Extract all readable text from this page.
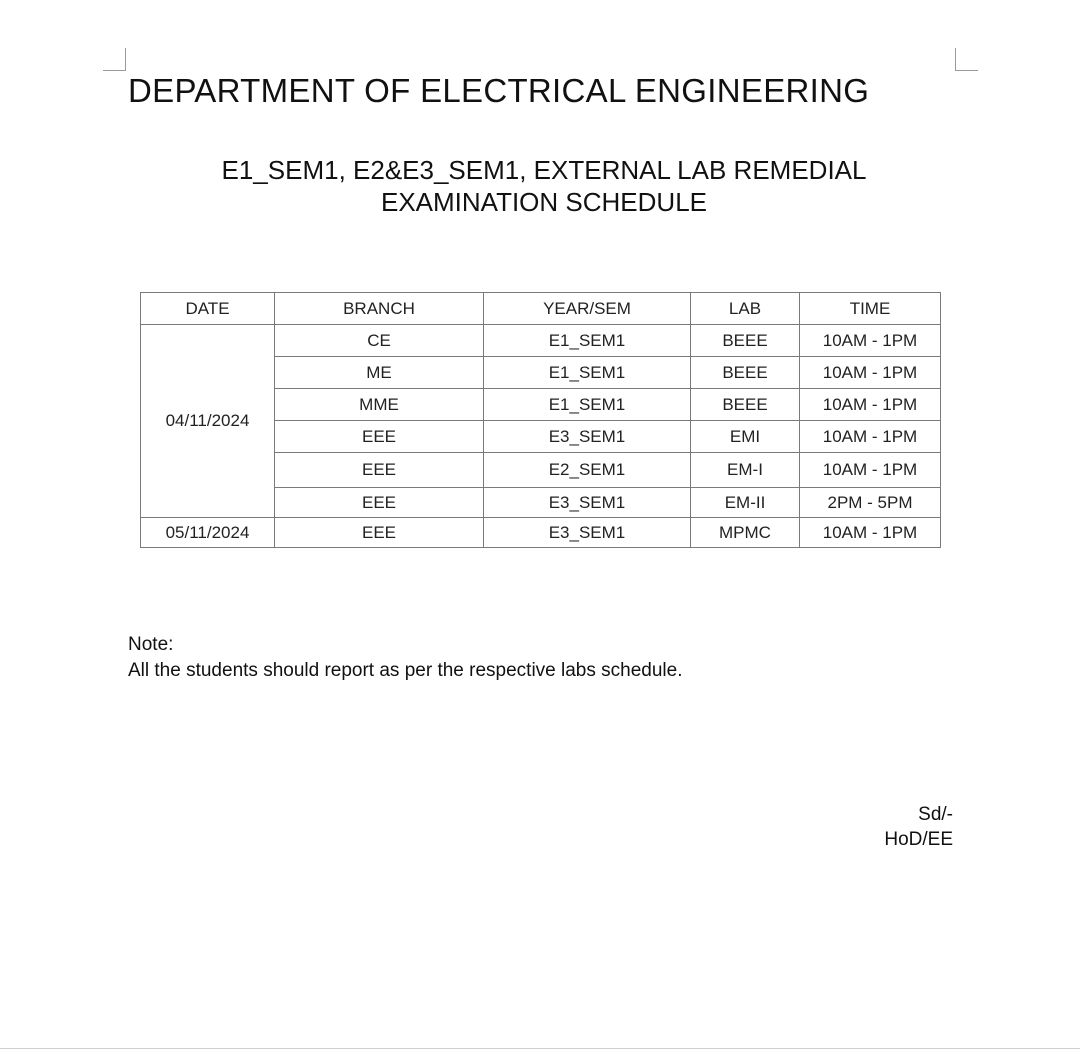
DEPARTMENT OF ELECTRICAL ENGINEERING
E1_SEM1, E2&E3_SEM1, EXTERNAL LAB REMEDIAL
EXAMINATION SCHEDULE
DATE	BRANCH	YEAR/SEM	LAB	TIME
04/11/2024	CE	E1_SEM1	BEEE	10AM - 1PM
	ME	E1_SEM1	BEEE	10AM - 1PM
	MME	E1_SEM1	BEEE	10AM - 1PM
	EEE	E3_SEM1	EMI	10AM - 1PM
	EEE	E2_SEM1	EM-I	10AM - 1PM
	EEE	E3_SEM1	EM-II	2PM - 5PM
05/11/2024	EEE	E3_SEM1	MPMC	10AM - 1PM
Note:
All the students should report as per the respective labs schedule.
Sd/-
HoD/EE
